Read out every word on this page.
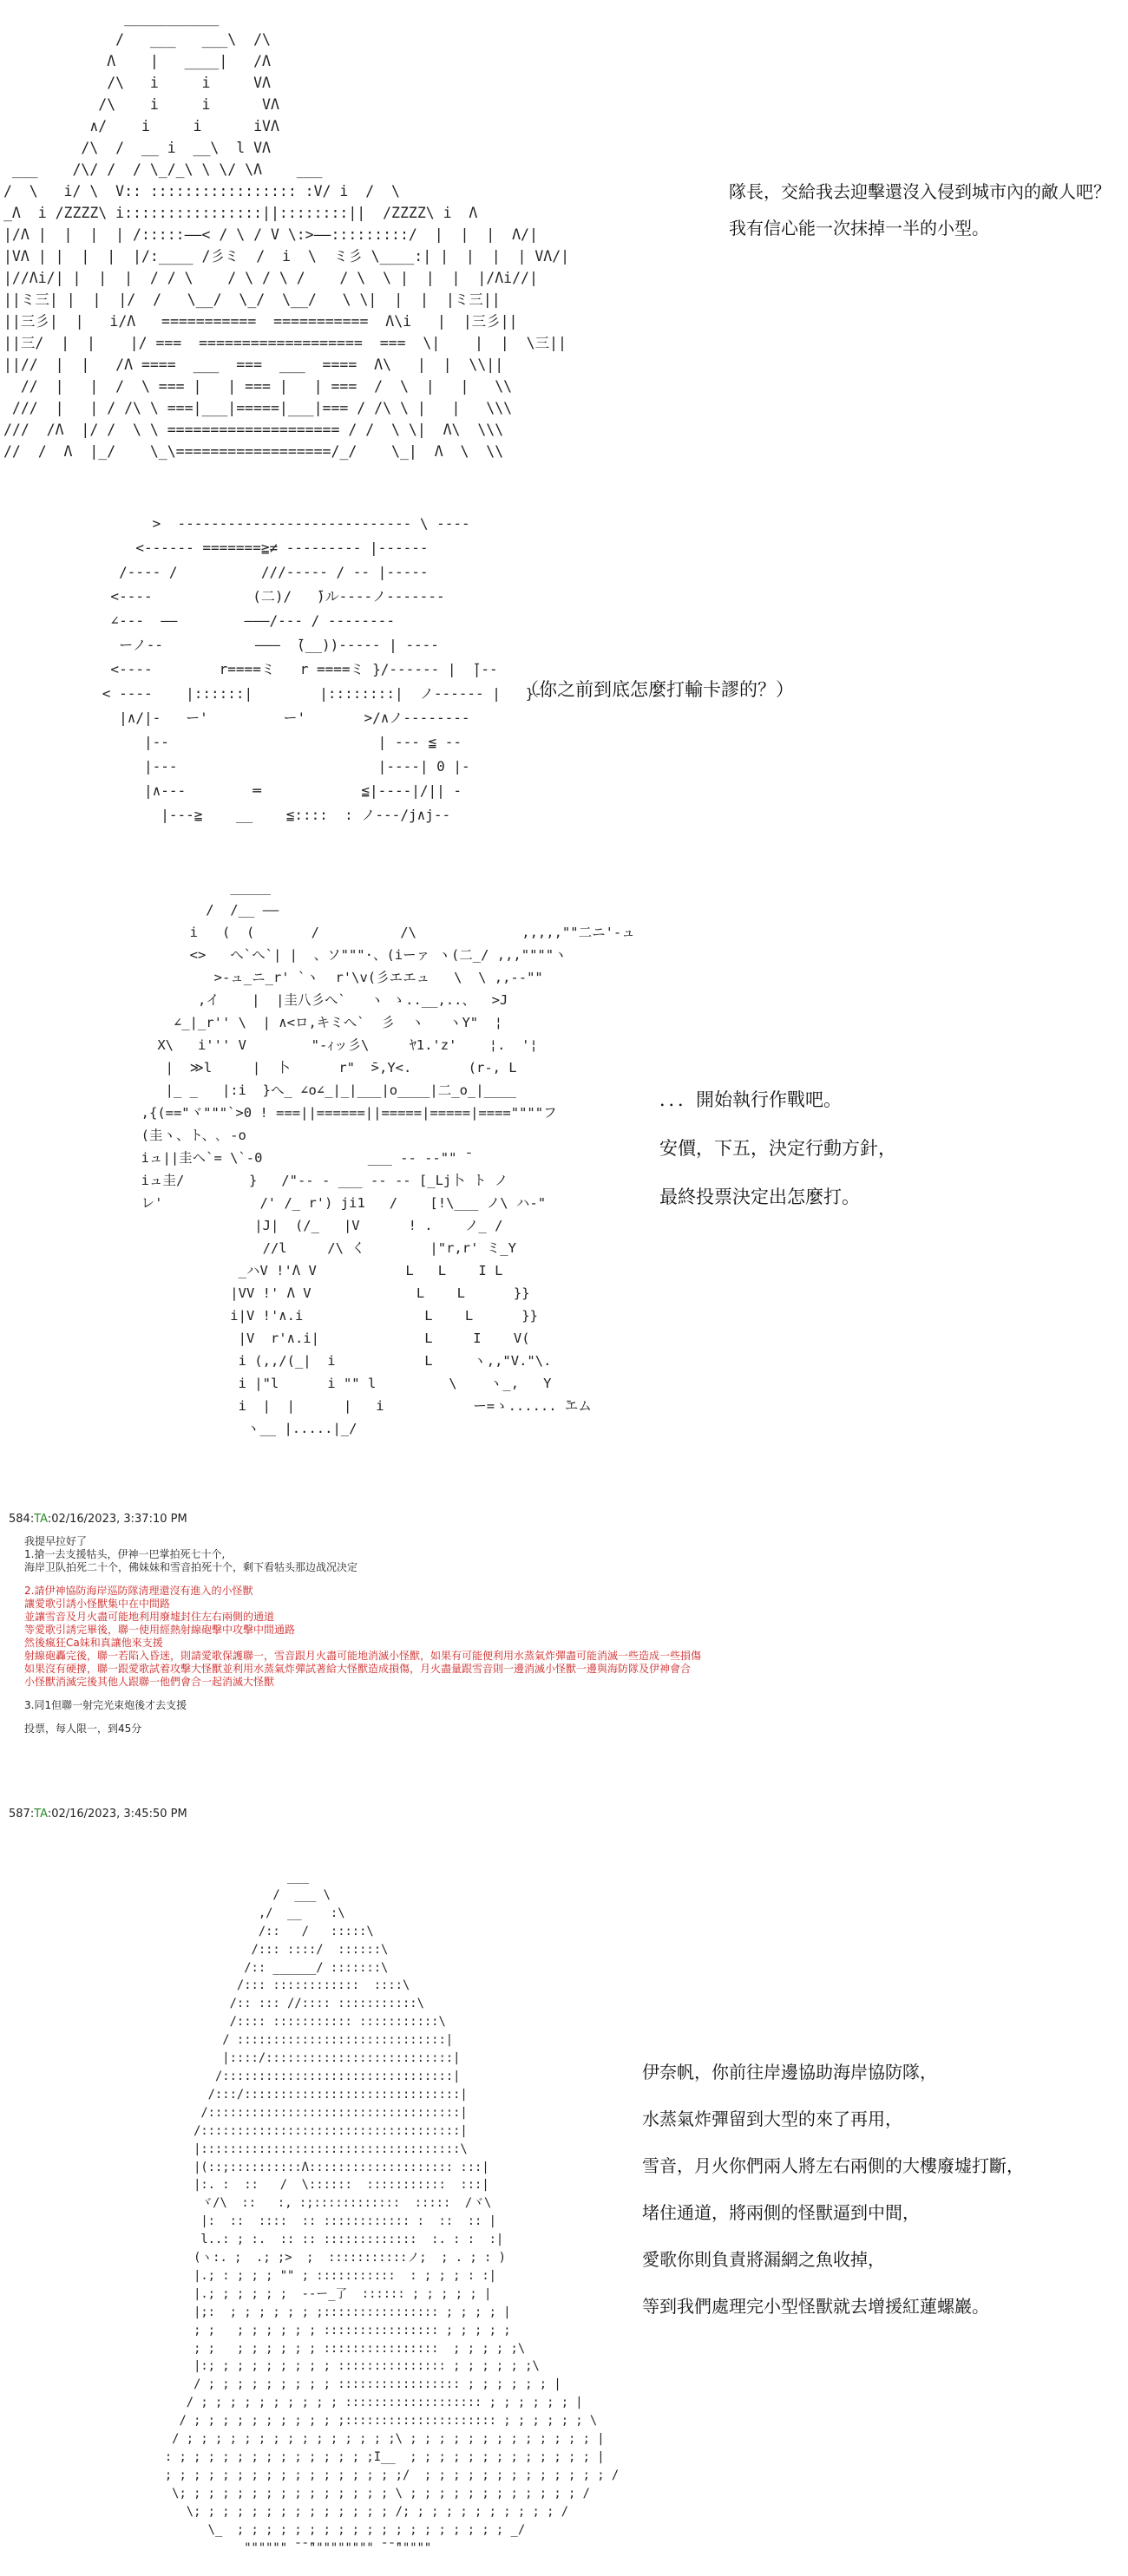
___________
/   ___   ___\  /\
Λ    |   ____|   /Λ
/\   i     i     VΛ
/\    i     i      VΛ
∧/    i     i      iVΛ
/\  /  __ i  __\  l VΛ
___    /\/ /  / \_/_\ \ \/ \Λ    ___
/  \   i/ \  V:: ::::::::::::::::: :V/ i  /  \
_Λ  i /ZZZZ\ i::::::::::::::::||::::::::||  /ZZZZ\ i  Λ
|/Λ |  |  |  | /:::::——< / \ / V \:>——:::::::::/  |  |  |  Λ/|
|VΛ | |  |  |  |/:____ /彡ミ  /  i  \  ミ彡 \____:| |  |  |  | VΛ/|
|//Λi/| |  |  |  / / \    / \ / \ /    / \  \ |  |  |  |/Λi//|
||ミ三| |  |  |/  /   \__/  \_/  \__/   \ \|  |  |  |ミ三||
||三彡|  |   i/Λ   ===========  ===========  Λ\i   |  |三彡||
||三/  |  |    |/ ===  ===================  ===  \|    |  |  \三||
||//  |  |   /Λ ====  ___  ===  ___  ====  Λ\   |  |  \\||
//  |   |  /  \ === |   | === |   | ===  /  \  |   |   \\
///  |   | / /\ \ ===|___|=====|___|=== / /\ \ |   |   \\\
///  /Λ  |/ /  \ \ ==================== / /  \ \|  Λ\  \\\
//  /  Λ  |_/    \_\==================/_/    \_|  Λ  \  \\
隊長，交給我去迎擊還沒入侵到城市內的敵人吧？
我有信心能一次抹掉一半的小型。
>  ---------------------------- \ ----
<------ =======≧≠ --------- |------
/---- /          ///----- / -- |-----
<----            (二)/   ̄)ル----ノ-------
∠---  ——        ———/--- / --------
ーノ--           ———  ̄(__))----- | ----
<----        r====ミ   r ====ミ }/------ |  ̄|--
< ----    |::::::|        |::::::::|  ノ------ |   }--
|∧/|-   ー'         ー'       >/∧ノ--------
|--                         | --- ≦ --
|---                        |----| 0 |-
|∧---        ═            ≦|----|/|| -
|---≧    __    ≦::::  : ノ---/j∧j--
（你之前到底怎麼打輸卡謬的？）
_____
/  /__ ——
i   (  (       /          /\             ,,,,,""二ニ'-ュ
<>   へ`へ`| |  、ソ"""·、(iーァ ヽ(二_/ ,,,""""ヽ
>-ュ_ニ_r' `ヽ  r'\v(彡エエュ   \  \ ,,--""
,イ    |  |圭八彡へ`   ヽ ゝ..__,..、  >J
∠_|_r'' \  | ∧<ロ,キミへ`  彡  ヽ   ヽY"  ¦
X\   i''' V        "-ｨッ彡\     ﾔ1.'z'    ¦.  '¦
|  ≫l     |  卜      r"  ̄>,Y<.       (r-, L
|_ _   |:i  }へ_ ∠o∠_|_|___|o____|二_o_|____
,{(=="ヾ"""`>0 ! ===||======||=====|=====|====""""フ
(圭ヽ、ト、､ -o
iュ||圭ヘ`= \`-0             ___ -- --"" ̄
iュ圭/        }   /"-- - ___ -- -- [_Lj卜 ト ノ
レ'            /' /_ r') ji1   /    [!\___ ノ\ ハ-"
|J|  (/_   |V      ! .    ノ_ /
//l     /\ く        |"r,r' ミ_Y
_ハV !'Λ V           L   L    I L
|VV !' Λ V             L    L      }}
i|V !'∧.i               L    L      }}
|V  r'∧.i|             L     I    V(
i (,,/(_|  i           L     ヽ,,"V."\.
i |"l      i "" l         \    ヽ_,   Y
i  |  |      |   i           ー=ゝ...... ̄エム
ヽ__ |.....|_/
．．．開始執行作戰吧。
安價，下五，決定行動方針，
最終投票決定出怎麼打。
584:TA:02/16/2023, 3:37:10 PM
我提早拉好了
1.搶一去支援牯头，伊神一巴掌拍死七十个,
海岸卫队拍死二十个，佛妹妹和雪音拍死十个，剩下看牯头那边战况决定
2.請伊神協防海岸巡防隊清理還沒有進入的小怪獸
讓愛歌引誘小怪獸集中在中間路
並讓雪音及月火盡可能地利用廢墟封住左右兩側的通道
等愛歌引誘完畢後，聯一使用經熱射線砲擊中攻擊中間通路
然後瘋狂Ca妹和真讓他來支援
射線砲轟完後，聯一若陷入昏迷，則請愛歌保護聯一，雪音跟月火盡可能地消滅小怪獸，如果有可能便利用水蒸氣炸彈盡可能消滅一些造成一些損傷
如果沒有硬撐，聯一跟愛歌試着攻擊大怪獸並利用水蒸氣炸彈試著給大怪獸造成損傷，月火盡量跟雪音則一邊消滅小怪獸一邊與海防隊及伊神會合
小怪獸消滅完後其他人跟聯一他們會合一起消滅大怪獸
3.同1但聯一射完光束炮後才去支援
投票，每人限一，到45分
587:TA:02/16/2023, 3:45:50 PM
___
/  ___ \
,/  __    :\
/::   /   :::::\
/::: ::::/  ::::::\
/:: ______/ :::::::\
/::: ::::::::::::  ::::\
/:: ::: //:::: :::::::::::\
/:::: ::::::::::: :::::::::::\
/ :::::::::::::::::::::::::::::|
|::::/::::::::::::::::::::::::::|
/::::::::::::::::::::::::::::::::|
/:::/::::::::::::::::::::::::::::::|
/:::::::::::::::::::::::::::::::::::|
/::::::::::::::::::::::::::::::::::::|
|::::::::::::::::::::::::::::::::::::\
|(::;::::::::::Λ:::::::::::::::::::: :::|
|:. :  ::   /  \::::::  :::::::::::  :::|
ヾ/\  ::   :, :;::::::::::::  :::::  /ヾ\
|:  ::  ::::  :: :::::::::::: :  ::  :: |
l..: ; :.  :: :: :::::::::::::  :. : :  :|
(ヽ:. ;  .; ;>  ;  :::::::::::ノ;  ; . ; : )
|.; : ; ; ; "" ; :::::::::::  : ; ; ; : :|
|.; ; ; ; ; ;  --ー_了  :::::: ; ; ; ; ; |
|;:  ; ; ; ; ; ; ;:::::::::::::::: ; ; ; ; |
; ;   ; ; ; ; ; ; :::::::::::::::: ; ; ; ; ;
; ;   ; ; ; ; ; ; ::::::::::::::::  ; ; ; ; ;\
|:; ; ; ; ; ; ; ; ; ::::::::::::::: ; ; ; ; ; ;\
/ ; ; ; ; ; ; ; ; ; ::::::::::::::::: ; ; ; ; ; ; |
/ ; ; ; ; ; ; ; ; ; ; ::::::::::::::::::: ; ; ; ; ; ; |
/ ; ; ; ; ; ; ; ; ; ; ;::::::::::::::::::::: ; ; ; ; ; ; \
/ ; ; ; ; ; ; ; ; ; ; ; ; ; ; ;\ ; ; ; ; ; ; ; ; ; ; ; ; ; |
: ; ; ; ; ; ; ; ; ; ; ; ; ; ;I__  ; ; ; ; ; ; ; ; ; ; ; ; ; |
; ; ; ; ; ; ; ; ; ; ; ; ; ; ; ; ;/  ; ; ; ; ; ; ; ; ; ; ; ; ; /
\; ; ; ; ; ; ; ; ; ; ; ; ; ; ; \ ; ; ; ; ; ; ; ; ; ; ; ; /
\; ; ; ; ; ; ; ; ; ; ; ; ; ; /; ; ; ; ; ; ; ; ; ; ; /
\_  ; ; ; ; ; ; ; ; ; ; ; ; ; ; ; ; ; ; ; _/
"""""" ̄ ̄ ̄""""""""" ̄ ̄ ̄"""""
伊奈帆，你前往岸邊協助海岸協防隊，
水蒸氣炸彈留到大型的來了再用，
雪音，月火你們兩人將左右兩側的大樓廢墟打斷，
堵住通道，將兩側的怪獸逼到中間，
愛歌你則負責將漏網之魚收掉，
等到我們處理完小型怪獸就去增援紅蓮螺巖。
